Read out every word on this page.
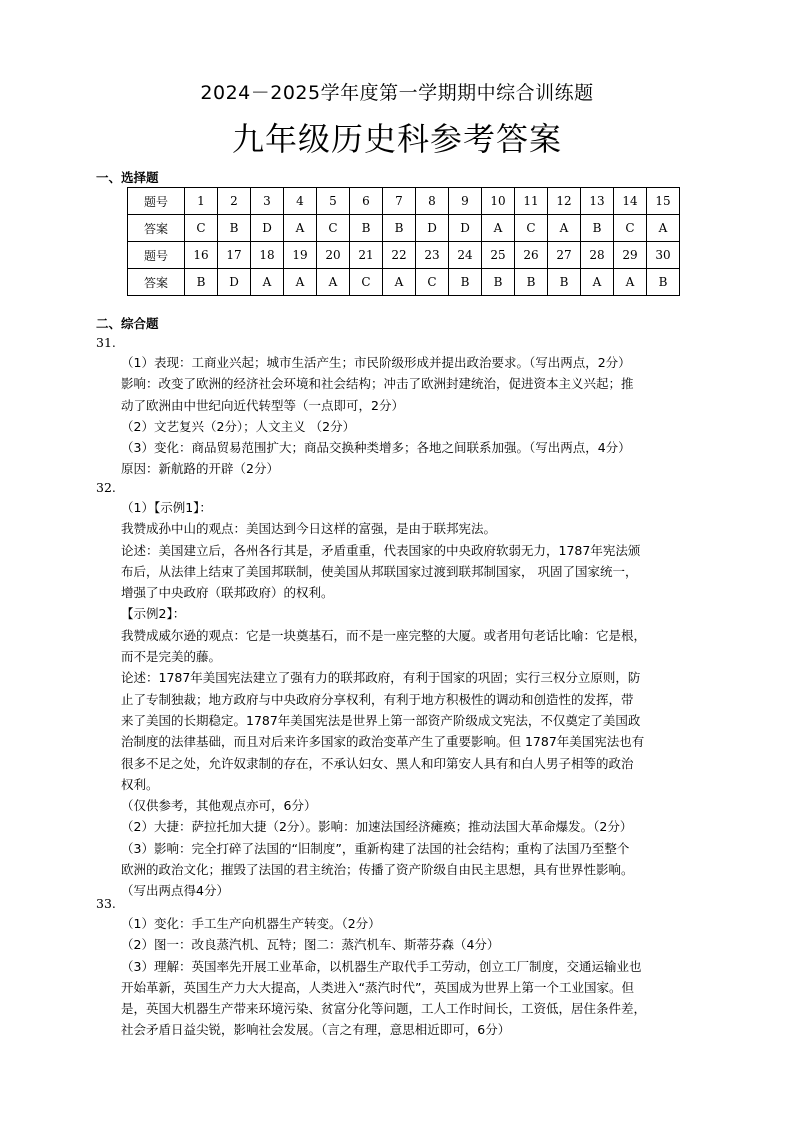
2024－2025学年度第一学期期中综合训练题
九年级历史科参考答案
一、选择题
题号	1	2	3	4	5	6	7	8	9	10	11	12	13	14	15
答案	C	B	D	A	C	B	B	D	D	A	C	A	B	C	A
题号	16	17	18	19	20	21	22	23	24	25	26	27	28	29	30
答案	B	D	A	A	A	C	A	C	B	B	B	B	A	A	B
二、综合题
31.

（1）表现：工商业兴起；城市生活产生；市民阶级形成并提出政治要求。（写出两点，2分）

影响：改变了欧洲的经济社会环境和社会结构；冲击了欧洲封建统治，促进资本主义兴起；推

动了欧洲由中世纪向近代转型等（一点即可，2分）

（2）文艺复兴（2分）；人文主义 （2分）

（3）变化：商品贸易范围扩大；商品交换种类增多；各地之间联系加强。（写出两点，4分）

原因：新航路的开辟（2分）

32.

（1）【示例1】：

我赞成孙中山的观点：美国达到今日这样的富强，是由于联邦宪法。

论述：美国建立后，各州各行其是，矛盾重重，代表国家的中央政府软弱无力，1787年宪法颁

布后，从法律上结束了美国邦联制，使美国从邦联国家过渡到联邦制国家， 巩固了国家统一，

增强了中央政府（联邦政府）的权利。

【示例2】：

我赞成威尔逊的观点：它是一块奠基石，而不是一座完整的大厦。或者用句老话比喻：它是根，

而不是完美的藤。

论述：1787年美国宪法建立了强有力的联邦政府，有利于国家的巩固；实行三权分立原则，防

止了专制独裁；地方政府与中央政府分享权利，有利于地方积极性的调动和创造性的发挥，带

来了美国的长期稳定。1787年美国宪法是世界上第一部资产阶级成文宪法，不仅奠定了美国政

治制度的法律基础，而且对后来许多国家的政治变革产生了重要影响。但 1787年美国宪法也有

很多不足之处，允许奴隶制的存在，不承认妇女、黑人和印第安人具有和白人男子相等的政治

权利。

（仅供参考，其他观点亦可，6分）

（2）大捷：萨拉托加大捷（2分）。影响：加速法国经济瘫痪；推动法国大革命爆发。（2分）

（3）影响：完全打碎了法国的“旧制度”，重新构建了法国的社会结构；重构了法国乃至整个

欧洲的政治文化；摧毁了法国的君主统治；传播了资产阶级自由民主思想，具有世界性影响。

（写出两点得4分）

33.

（1）变化：手工生产向机器生产转变。（2分）

（2）图一：改良蒸汽机、瓦特；图二：蒸汽机车、斯蒂芬森（4分）

（3）理解：英国率先开展工业革命，以机器生产取代手工劳动，创立工厂制度，交通运输业也

开始革新，英国生产力大大提高，人类进入“蒸汽时代”，英国成为世界上第一个工业国家。但

是，英国大机器生产带来环境污染、贫富分化等问题，工人工作时间长，工资低，居住条件差，

社会矛盾日益尖锐，影响社会发展。（言之有理，意思相近即可，6分）
